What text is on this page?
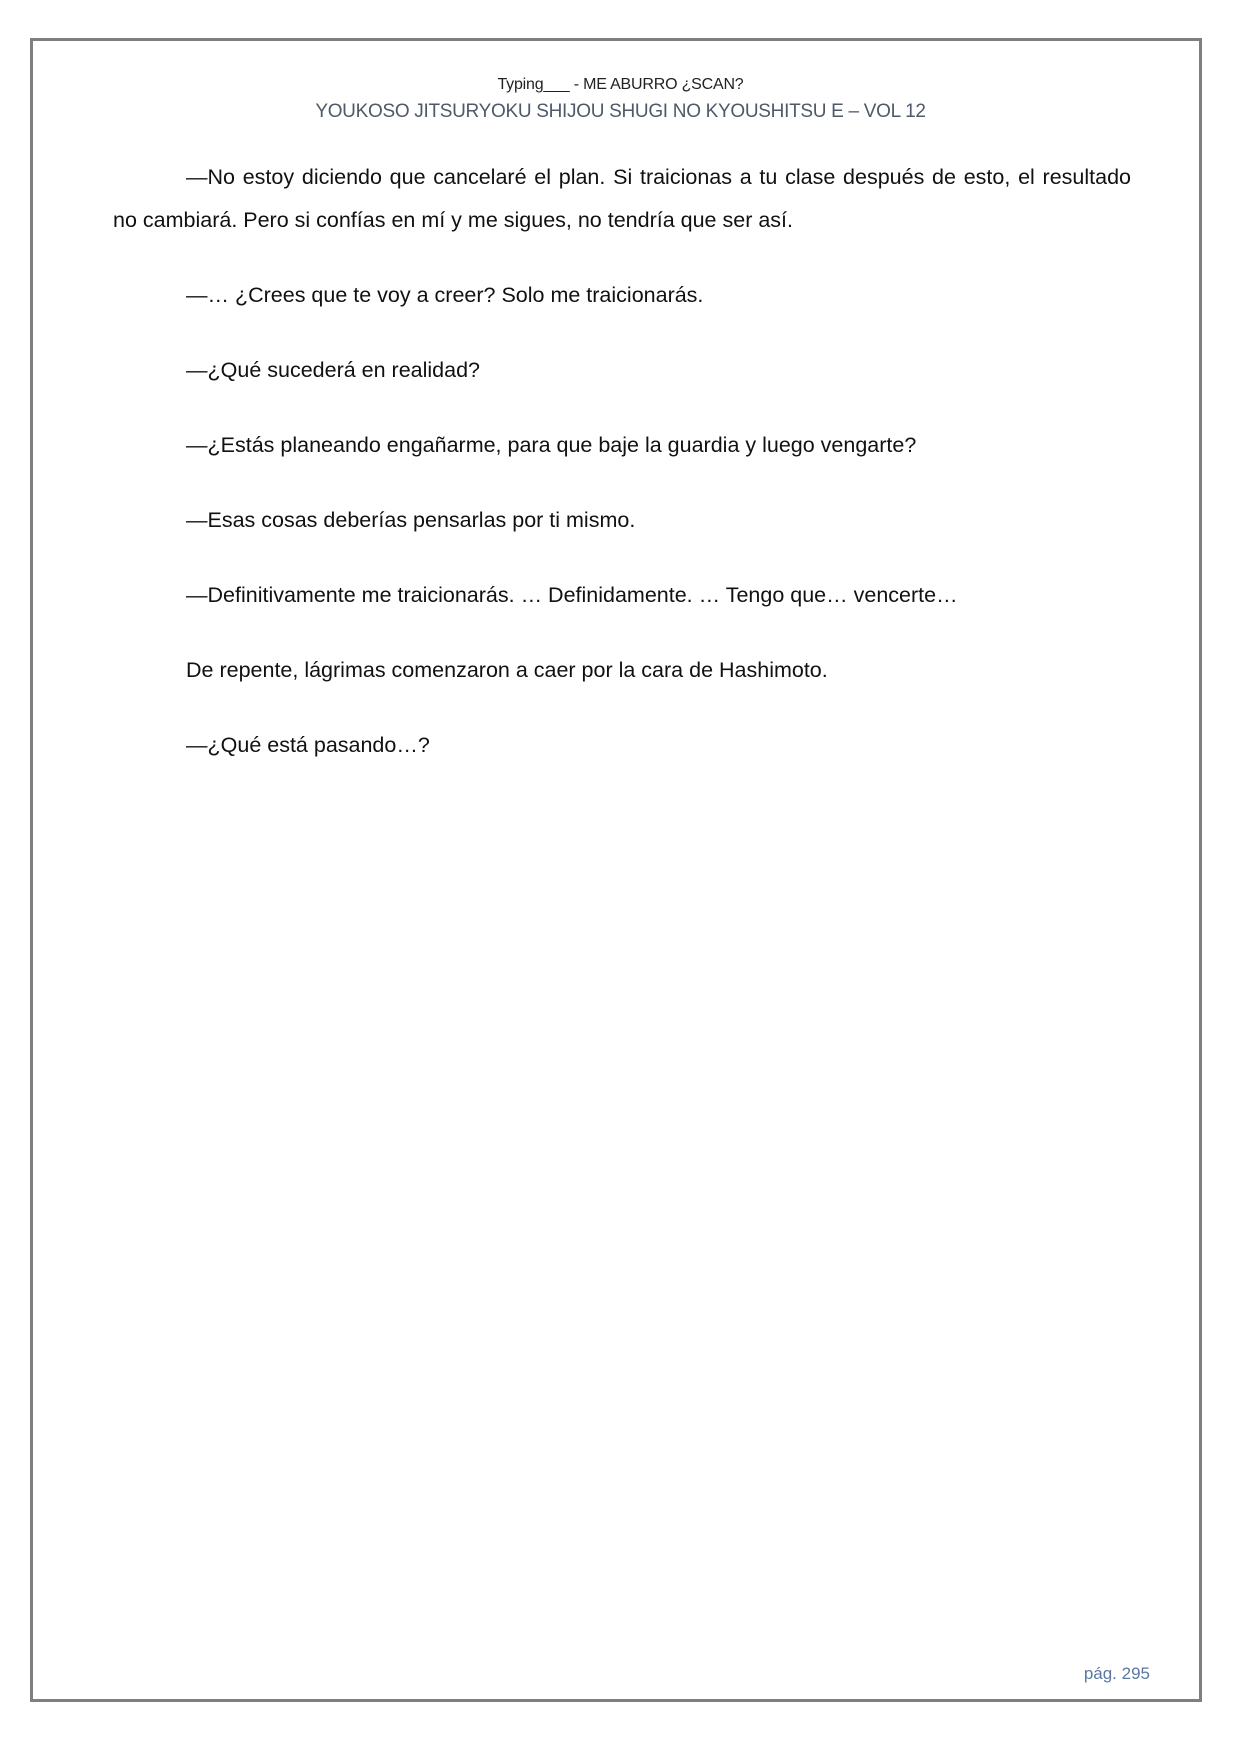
Typing___ - ME ABURRO ¿SCAN?
YOUKOSO JITSURYOKU SHIJOU SHUGI NO KYOUSHITSU E – VOL 12

—No estoy diciendo que cancelaré el plan. Si traicionas a tu clase después de esto, el resultado no cambiará. Pero si confías en mí y me sigues, no tendría que ser así.

—… ¿Crees que te voy a creer? Solo me traicionarás.

—¿Qué sucederá en realidad?

—¿Estás planeando engañarme, para que baje la guardia y luego vengarte?

—Esas cosas deberías pensarlas por ti mismo.

—Definitivamente me traicionarás. … Definidamente. … Tengo que… vencerte…

De repente, lágrimas comenzaron a caer por la cara de Hashimoto.

—¿Qué está pasando…?

pág. 295
